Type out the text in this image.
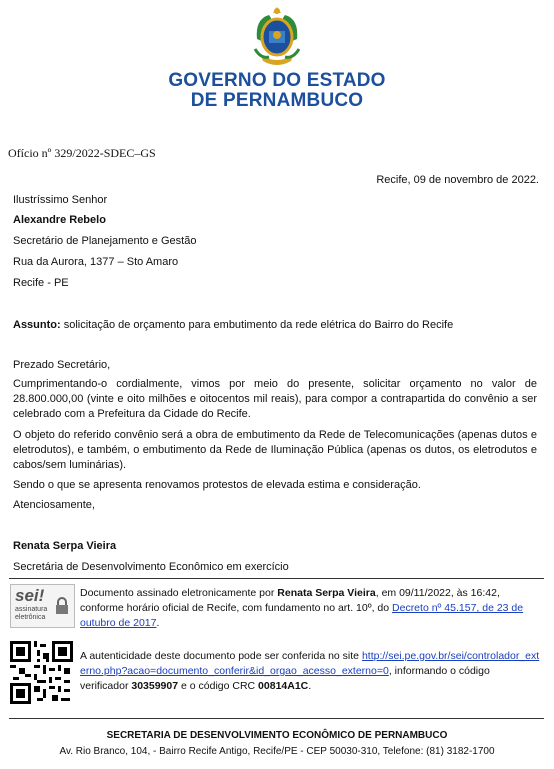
GOVERNO DO ESTADO
DE PERNAMBUCO
Ofício nº 329/2022-SDEC–GS
Recife, 09 de novembro de 2022.
Ilustríssimo Senhor
Alexandre Rebelo
Secretário de Planejamento e Gestão
Rua da Aurora, 1377 – Sto Amaro
Recife - PE
Assunto: solicitação de orçamento para embutimento da rede elétrica do Bairro do Recife
Prezado Secretário,
Cumprimentando-o cordialmente, vimos por meio do presente, solicitar orçamento no valor de 28.800.000,00 (vinte e oito milhões e oitocentos mil reais), para compor a contrapartida do convênio a ser celebrado com a Prefeitura da Cidade do Recife.
O objeto do referido convênio será a obra de embutimento da Rede de Telecomunicações (apenas dutos e eletrodutos), e também, o embutimento da Rede de Iluminação Pública (apenas os dutos, os eletrodutos e cabos/sem luminárias).
Sendo o que se apresenta renovamos protestos de elevada estima e consideração.
Atenciosamente,
Renata Serpa Vieira
Secretária de Desenvolvimento Econômico em exercício
sei!
assinatura
eletrônica
Documento assinado eletronicamente por Renata Serpa Vieira, em 09/11/2022, às 16:42, conforme horário oficial de Recife, com fundamento no art. 10º, do Decreto nº 45.157, de 23 de outubro de 2017.
A autenticidade deste documento pode ser conferida no site http://sei.pe.gov.br/sei/controlador_externo.php?acao=documento_conferir&id_orgao_acesso_externo=0, informando o código verificador 30359907 e o código CRC 00814A1C.
SECRETARIA DE DESENVOLVIMENTO ECONÔMICO DE PERNAMBUCO
Av. Rio Branco, 104, - Bairro Recife Antigo, Recife/PE - CEP 50030-310, Telefone: (81) 3182-1700
